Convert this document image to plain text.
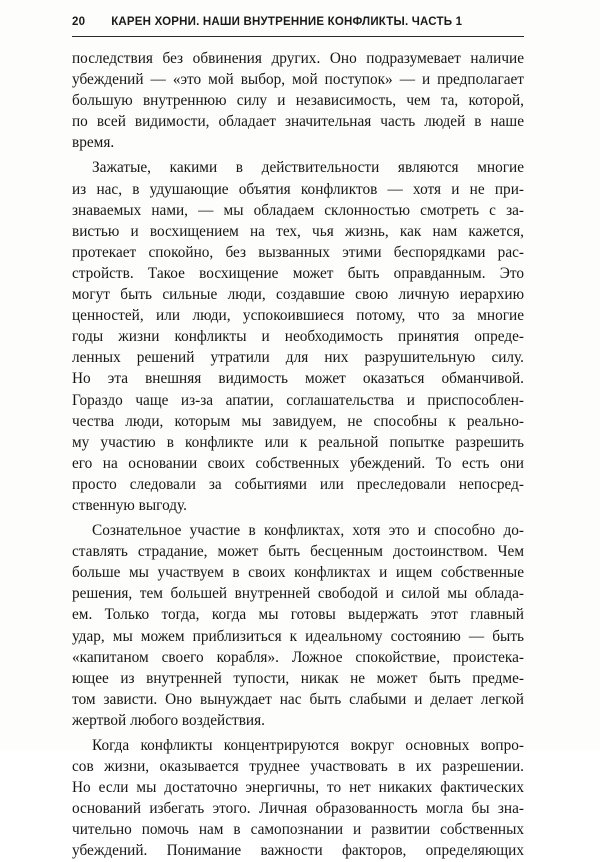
20 КАРЕН ХОРНИ. НАШИ ВНУТРЕННИЕ КОНФЛИКТЫ. ЧАСТЬ 1
последствия без обвинения других. Оно подразумевает наличие
убеждений — «это мой выбор, мой поступок» — и предполагает
большую внутреннюю силу и независимость, чем та, которой,
по всей видимости, обладает значительная часть людей в наше
время.
Зажатые, какими в действительности являются многие
из нас, в удушающие объятия конфликтов — хотя и не при-
знаваемых нами, — мы обладаем склонностью смотреть с за-
вистью и восхищением на тех, чья жизнь, как нам кажется,
протекает спокойно, без вызванных этими беспорядками рас-
стройств. Такое восхищение может быть оправданным. Это
могут быть сильные люди, создавшие свою личную иерархию
ценностей, или люди, успокоившиеся потому, что за многие
годы жизни конфликты и необходимость принятия опреде-
ленных решений утратили для них разрушительную силу.
Но эта внешняя видимость может оказаться обманчивой.
Гораздо чаще из-за апатии, соглашательства и приспособлен-
чества люди, которым мы завидуем, не способны к реально-
му участию в конфликте или к реальной попытке разрешить
его на основании своих собственных убеждений. То есть они
просто следовали за событиями или преследовали непосред-
ственную выгоду.
Сознательное участие в конфликтах, хотя это и способно до-
ставлять страдание, может быть бесценным достоинством. Чем
больше мы участвуем в своих конфликтах и ищем собственные
решения, тем большей внутренней свободой и силой мы облада-
ем. Только тогда, когда мы готовы выдержать этот главный
удар, мы можем приблизиться к идеальному состоянию — быть
«капитаном своего корабля». Ложное спокойствие, проистека-
ющее из внутренней тупости, никак не может быть предме-
том зависти. Оно вынуждает нас быть слабыми и делает легкой
жертвой любого воздействия.
Когда конфликты концентрируются вокруг основных вопро-
сов жизни, оказывается труднее участвовать в их разрешении.
Но если мы достаточно энергичны, то нет никаких фактических
оснований избегать этого. Личная образованность могла бы зна-
чительно помочь нам в самопознании и развитии собственных
убеждений. Понимание важности факторов, определяющих
